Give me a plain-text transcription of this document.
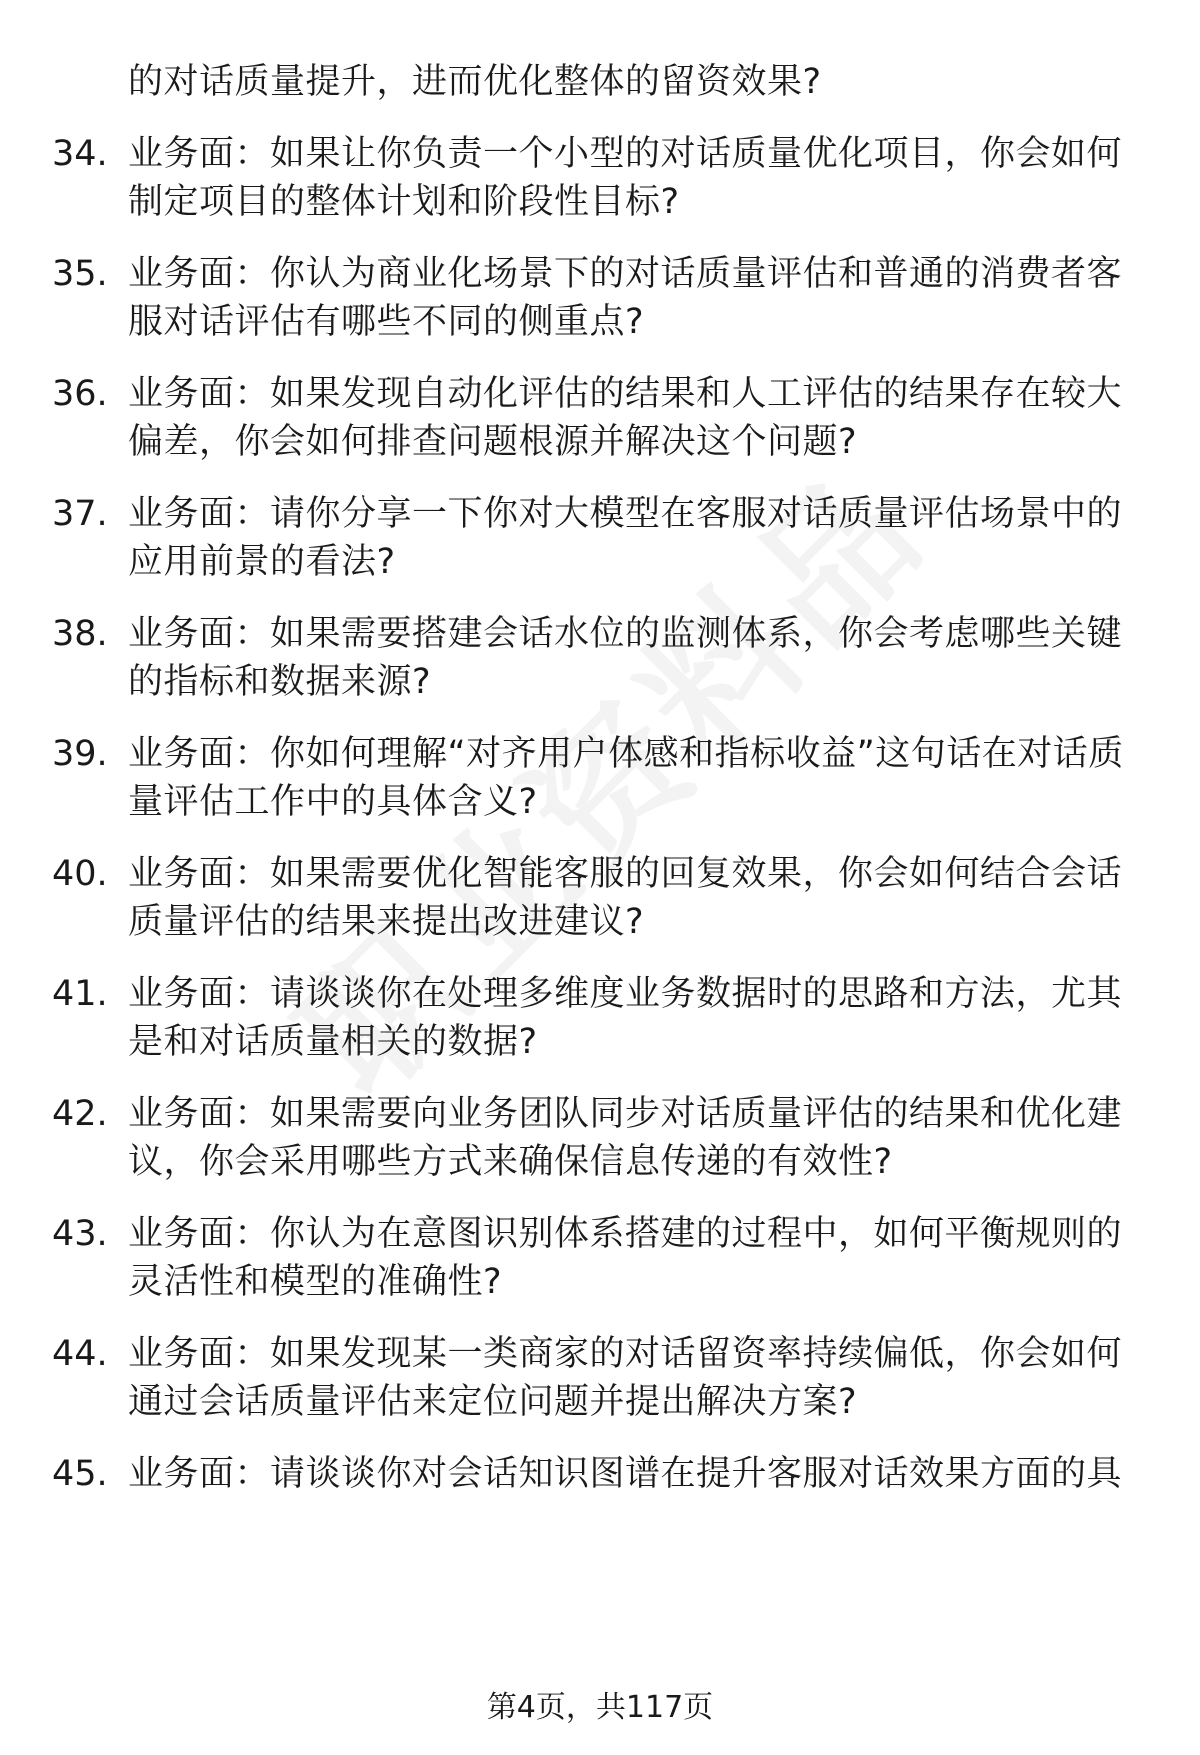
的对话质量提升，进而优化整体的留资效果?
34. 业务面：如果让你负责一个小型的对话质量优化项目，你会如何制定项目的整体计划和阶段性目标?
35. 业务面：你认为商业化场景下的对话质量评估和普通的消费者客服对话评估有哪些不同的侧重点?
36. 业务面：如果发现自动化评估的结果和人工评估的结果存在较大偏差，你会如何排查问题根源并解决这个问题?
37. 业务面：请你分享一下你对大模型在客服对话质量评估场景中的应用前景的看法?
38. 业务面：如果需要搭建会话水位的监测体系，你会考虑哪些关键的指标和数据来源?
39. 业务面：你如何理解“对齐用户体感和指标收益”这句话在对话质量评估工作中的具体含义?
40. 业务面：如果需要优化智能客服的回复效果，你会如何结合会话质量评估的结果来提出改进建议?
41. 业务面：请谈谈你在处理多维度业务数据时的思路和方法，尤其是和对话质量相关的数据?
42. 业务面：如果需要向业务团队同步对话质量评估的结果和优化建议，你会采用哪些方式来确保信息传递的有效性?
43. 业务面：你认为在意图识别体系搭建的过程中，如何平衡规则的灵活性和模型的准确性?
44. 业务面：如果发现某一类商家的对话留资率持续偏低，你会如何通过会话质量评估来定位问题并提出解决方案?
45. 业务面：请谈谈你对会话知识图谱在提升客服对话效果方面的具
第4页，共117页
